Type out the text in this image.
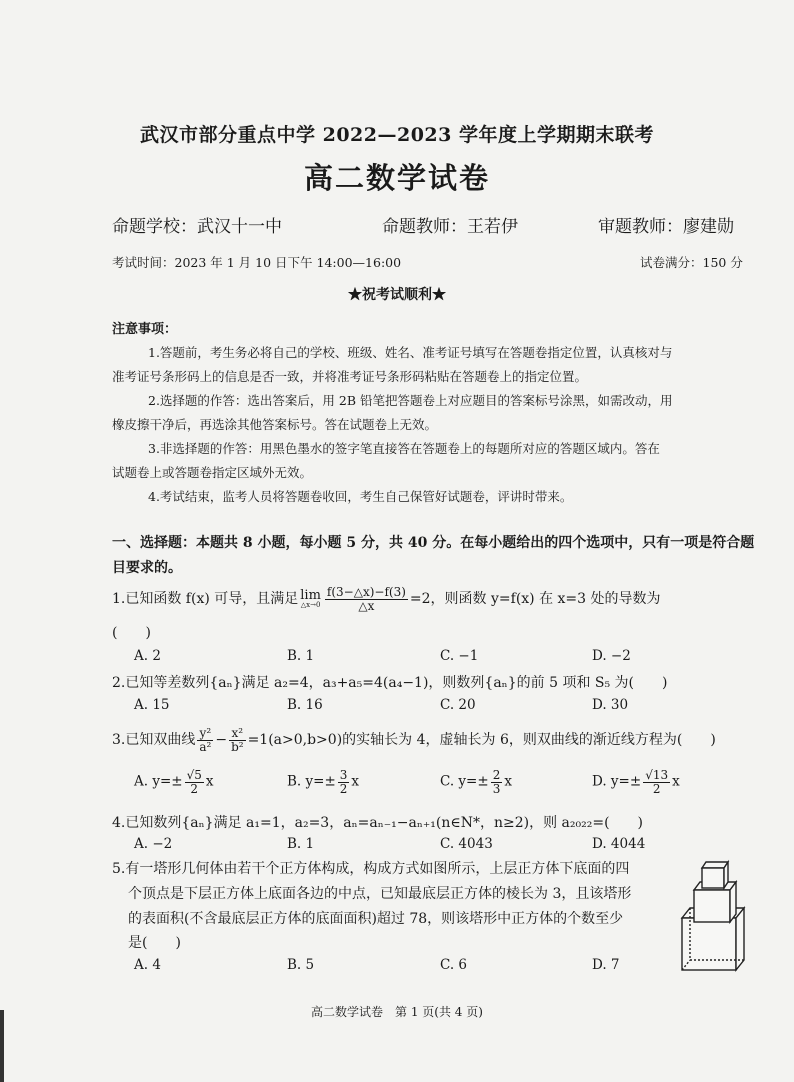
武汉市部分重点中学 2022—2023 学年度上学期期末联考
高二数学试卷
命题学校：武汉十一中	命题教师：王若伊	审题教师：廖建勋
考试时间：2023 年 1 月 10 日下午 14:00—16:00	试卷满分：150 分
★祝考试顺利★
注意事项：
1.答题前，考生务必将自己的学校、班级、姓名、准考证号填写在答题卷指定位置，认真核对与
准考证号条形码上的信息是否一致，并将准考证号条形码粘贴在答题卷上的指定位置。
2.选择题的作答：选出答案后，用 2B 铅笔把答题卷上对应题目的答案标号涂黑，如需改动，用
橡皮擦干净后，再选涂其他答案标号。答在试题卷上无效。
3.非选择题的作答：用黑色墨水的签字笔直接答在答题卷上的每题所对应的答题区域内。答在
试题卷上或答题卷指定区域外无效。
4.考试结束，监考人员将答题卷收回，考生自己保管好试题卷，评讲时带来。
一、选择题：本题共 8 小题，每小题 5 分，共 40 分。在每小题给出的四个选项中，只有一项是符合题
目要求的。
1.已知函数 f(x) 可导，且满足 lim
△x→0 $\frac{f(3-\triangle x)-f(3)}{\triangle x} =2$，则函数 y=f(x) 在 x=3 处的导数为
(　　)
A. 2	B. 1	C. −1	D. −2
2.已知等差数列{aₙ}满足 a₂=4，a₃+a₅=4(a₄−1)，则数列{aₙ}的前 5 项和 S₅ 为(　　)
A. 15	B. 16	C. 20	D. 30
3.已知双曲线 $\frac{\text{y²}}{\text{a²}} - \frac{\text{x²}}{\text{b²}} =1(a>0,b>0)$的实轴长为 4，虚轴长为 6，则双曲线的渐近线方程为(　　)
A. $y=\pm \frac{√5}{2}$ x	B. $y=\pm \frac{3}{2}$ x	C. $y=\pm \frac{2}{3}$ x	D. $y=\pm \frac{√13}{2}$ x
4.已知数列{aₙ}满足 a₁=1，a₂=3，aₙ=aₙ₋₁−aₙ₊₁(n∈N*，n≥2)，则 a₂₀₂₂=(　　)
A. −2	B. 1	C. 4043	D. 4044
5.有一塔形几何体由若干个正方体构成，构成方式如图所示，上层正方体下底面的四
个顶点是下层正方体上底面各边的中点，已知最底层正方体的棱长为 3，且该塔形
的表面积(不含最底层正方体的底面面积)超过 78，则该塔形中正方体的个数至少
是(　　)
A. 4	B. 5	C. 6	D. 7
高二数学试卷　第 1 页(共 4 页)
